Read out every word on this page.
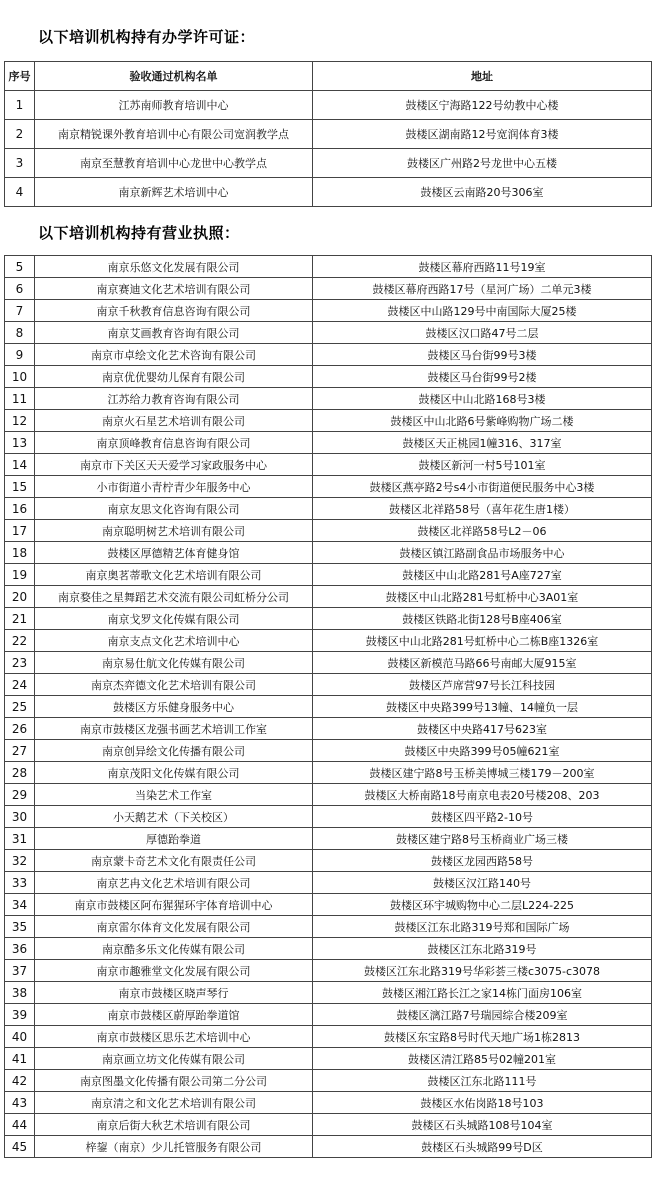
以下培训机构持有办学许可证：
序号	验收通过机构名单	地址
1	江苏南师教育培训中心	鼓楼区宁海路122号幼教中心楼
2	南京精锐课外教育培训中心有限公司宽润教学点	鼓楼区湖南路12号宽润体育3楼
3	南京至慧教育培训中心龙世中心教学点	鼓楼区广州路2号龙世中心五楼
4	南京新辉艺术培训中心	鼓楼区云南路20号306室
以下培训机构持有营业执照：
5	南京乐悠文化发展有限公司	鼓楼区幕府西路11号19室
6	南京赛迪文化艺术培训有限公司	鼓楼区幕府西路17号（星河广场）二单元3楼
7	南京千秋教育信息咨询有限公司	鼓楼区中山路129号中南国际大厦25楼
8	南京艾画教育咨询有限公司	鼓楼区汉口路47号二层
9	南京市卓绘文化艺术咨询有限公司	鼓楼区马台街99号3楼
10	南京优优婴幼儿保育有限公司	鼓楼区马台街99号2楼
11	江苏给力教育咨询有限公司	鼓楼区中山北路168号3楼
12	南京火石星艺术培训有限公司	鼓楼区中山北路6号紫峰购物广场二楼
13	南京顶峰教育信息咨询有限公司	鼓楼区天正桃园1幢316、317室
14	南京市下关区天天爱学习家政服务中心	鼓楼区新河一村5号101室
15	小市街道小青柠青少年服务中心	鼓楼区燕亭路2号s4小市街道便民服务中心3楼
16	南京友思文化咨询有限公司	鼓楼区北祥路58号（喜年花生唐1楼）
17	南京聪明树艺术培训有限公司	鼓楼区北祥路58号L2－06
18	鼓楼区厚德精艺体育健身馆	鼓楼区镇江路副食品市场服务中心
19	南京奥茗蒂歌文化艺术培训有限公司	鼓楼区中山北路281号A座727室
20	南京婺佳之星舞蹈艺术交流有限公司虹桥分公司	鼓楼区中山北路281号虹桥中心3A01室
21	南京戈罗文化传媒有限公司	鼓楼区铁路北街128号B座406室
22	南京支点文化艺术培训中心	鼓楼区中山北路281号虹桥中心二栋B座1326室
23	南京易仕航文化传媒有限公司	鼓楼区新模范马路66号南邮大厦915室
24	南京杰弈德文化艺术培训有限公司	鼓楼区芦席营97号长江科技园
25	鼓楼区方乐健身服务中心	鼓楼区中央路399号13幢、14幢负一层
26	南京市鼓楼区龙强书画艺术培训工作室	鼓楼区中央路417号623室
27	南京创异绘文化传播有限公司	鼓楼区中央路399号05幢621室
28	南京茂阳文化传媒有限公司	鼓楼区建宁路8号玉桥美博城三楼179－200室
29	当染艺术工作室	鼓楼区大桥南路18号南京电表20号楼208、203
30	小天鹅艺术（下关校区）	鼓楼区四平路2-10号
31	厚德跆拳道	鼓楼区建宁路8号玉桥商业广场三楼
32	南京蒙卡奇艺术文化有限责任公司	鼓楼区龙园西路58号
33	南京艺冉文化艺术培训有限公司	鼓楼区汉江路140号
34	南京市鼓楼区阿布猩猩环宇体育培训中心	鼓楼区环宇城购物中心二层L224-225
35	南京雷尔体育文化发展有限公司	鼓楼区江东北路319号郑和国际广场
36	南京酷多乐文化传媒有限公司	鼓楼区江东北路319号
37	南京市趣雅堂文化发展有限公司	鼓楼区江东北路319号华彩荟三楼c3075-c3078
38	南京市鼓楼区晓声琴行	鼓楼区湘江路长江之家14栋门面房106室
39	南京市鼓楼区蔚厚跆拳道馆	鼓楼区漓江路7号瑞园综合楼209室
40	南京市鼓楼区思乐艺术培训中心	鼓楼区东宝路8号时代天地广场1栋2813
41	南京画立坊文化传媒有限公司	鼓楼区清江路85号02幢201室
42	南京图墨文化传播有限公司第二分公司	鼓楼区江东北路111号
43	南京清之和文化艺术培训有限公司	鼓楼区水佑岗路18号103
44	南京后街大秋艺术培训有限公司	鼓楼区石头城路108号104室
45	梓鋆（南京）少儿托管服务有限公司	鼓楼区石头城路99号D区
